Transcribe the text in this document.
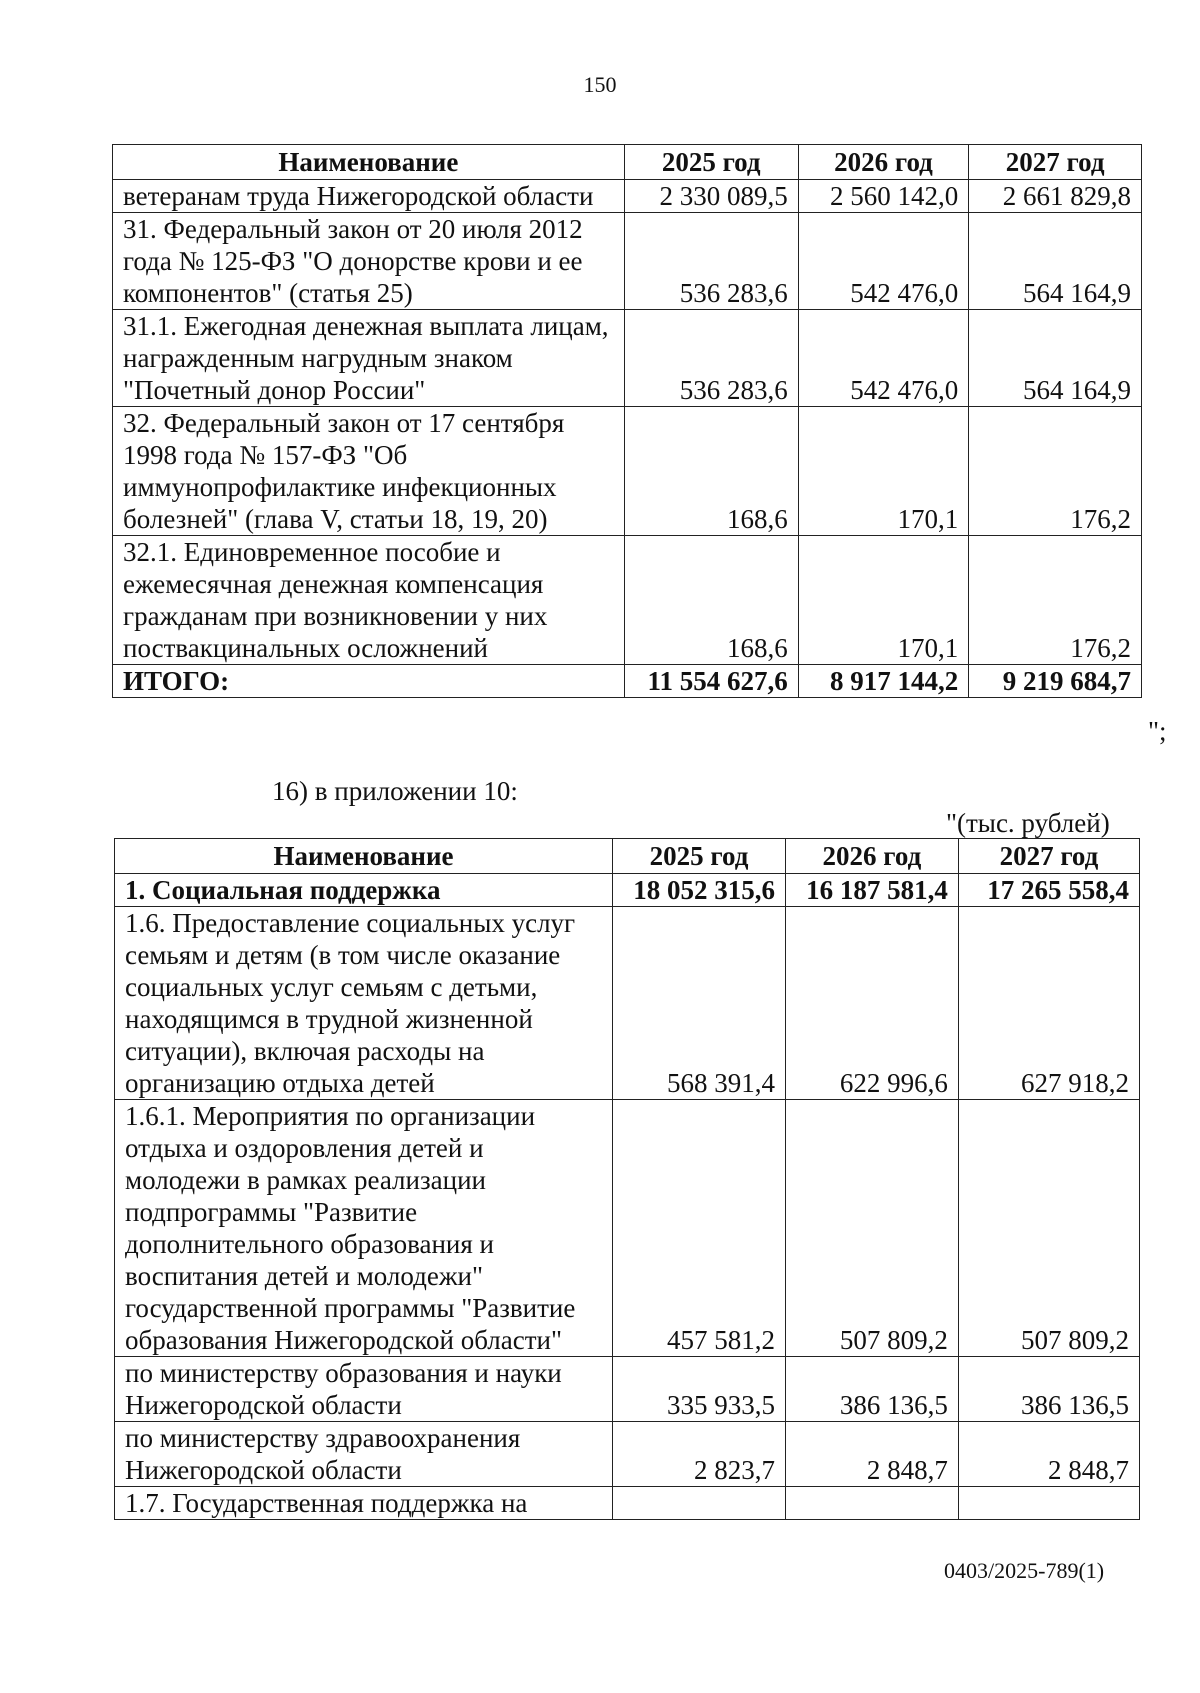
150
Наименование	2025 год	2026 год	2027 год
ветеранам труда Нижегородской области	2 330 089,5	2 560 142,0	2 661 829,8
31. Федеральный закон от 20 июля 2012 года № 125-ФЗ "О донорстве крови и ее компонентов" (статья 25)	536 283,6	542 476,0	564 164,9
31.1. Ежегодная денежная выплата лицам, награжденным нагрудным знаком "Почетный донор России"	536 283,6	542 476,0	564 164,9
32. Федеральный закон от 17 сентября 1998 года № 157-ФЗ "Об иммунопрофилактике инфекционных болезней" (глава V, статьи 18, 19, 20)	168,6	170,1	176,2
32.1. Единовременное пособие и ежемесячная денежная компенсация гражданам при возникновении у них поствакцинальных осложнений	168,6	170,1	176,2
ИТОГО:	11 554 627,6	8 917 144,2	9 219 684,7
";
16) в приложении 10:
"(тыс. рублей)
Наименование	2025 год	2026 год	2027 год
1. Социальная поддержка	18 052 315,6	16 187 581,4	17 265 558,4
1.6. Предоставление социальных услуг семьям и детям (в том числе оказание социальных услуг семьям с детьми, находящимся в трудной жизненной ситуации), включая расходы на организацию отдыха детей	568 391,4	622 996,6	627 918,2
1.6.1. Мероприятия по организации отдыха и оздоровления детей и молодежи в рамках реализации подпрограммы "Развитие дополнительного образования и воспитания детей и молодежи" государственной программы "Развитие образования Нижегородской области"	457 581,2	507 809,2	507 809,2
по министерству образования и науки Нижегородской области	335 933,5	386 136,5	386 136,5
по министерству здравоохранения Нижегородской области	2 823,7	2 848,7	2 848,7
1.7. Государственная поддержка на			
0403/2025-789(1)
